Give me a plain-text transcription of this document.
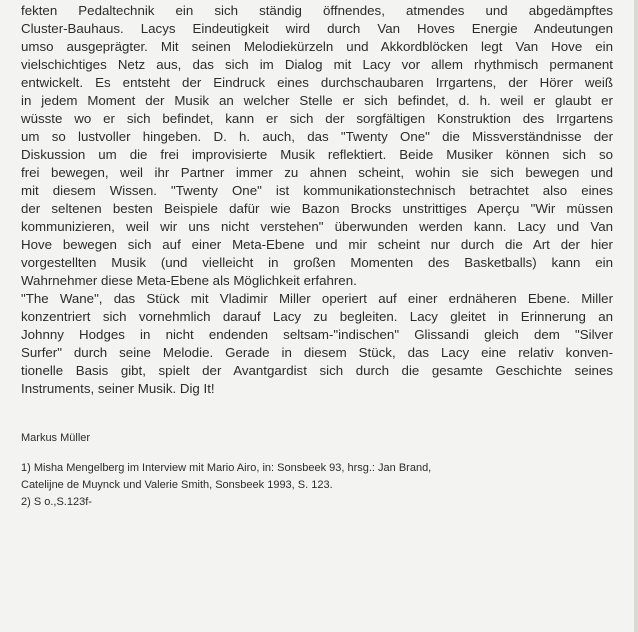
fekten Pedaltechnik ein sich ständig öffnendes, atmendes und abgedämpftes
Cluster-Bauhaus. Lacys Eindeutigkeit wird durch Van Hoves Energie Andeutungen
umso ausgeprägter. Mit seinen Melodiekürzeln und Akkordblöcken legt Van Hove ein
vielschichtiges Netz aus, das sich im Dialog mit Lacy vor allem rhythmisch permanent
entwickelt. Es entsteht der Eindruck eines durchschaubaren Irrgartens, der Hörer weiß
in jedem Moment der Musik an welcher Stelle er sich befindet, d. h. weil er glaubt er
wüsste wo er sich befindet, kann er sich der sorgfältigen Konstruktion des Irrgartens
um so lustvoller hingeben. D. h. auch, das "Twenty One" die Missverständnisse der
Diskussion um die frei improvisierte Musik reflektiert. Beide Musiker können sich so
frei bewegen, weil ihr Partner immer zu ahnen scheint, wohin sie sich bewegen und
mit diesem Wissen. "Twenty One" ist kommunikationstechnisch betrachtet also eines
der seltenen besten Beispiele dafür wie Bazon Brocks unstrittiges Aperçu "Wir müssen
kommunizieren, weil wir uns nicht verstehen" überwunden werden kann. Lacy und Van
Hove bewegen sich auf einer Meta-Ebene und mir scheint nur durch die Art der hier
vorgestellten Musik (und vielleicht in großen Momenten des Basketballs) kann ein
Wahrnehmer diese Meta-Ebene als Möglichkeit erfahren.
"The Wane", das Stück mit Vladimir Miller operiert auf einer erdnäheren Ebene. Miller
konzentriert sich vornehmlich darauf Lacy zu begleiten. Lacy gleitet in Erinnerung an
Johnny Hodges in nicht endenden seltsam-"indischen" Glissandi gleich dem "Silver
Surfer" durch seine Melodie. Gerade in diesem Stück, das Lacy eine relativ konven-
tionelle Basis gibt, spielt der Avantgardist sich durch die gesamte Geschichte seines
Instruments, seiner Musik. Dig It!

Markus Müller

1) Misha Mengelberg im Interview mit Mario Airo, in: Sonsbeek 93, hrsg.: Jan Brand,
Catelijne de Muynck und Valerie Smith, Sonsbeek 1993, S. 123.
2) S o.,S.123f-
